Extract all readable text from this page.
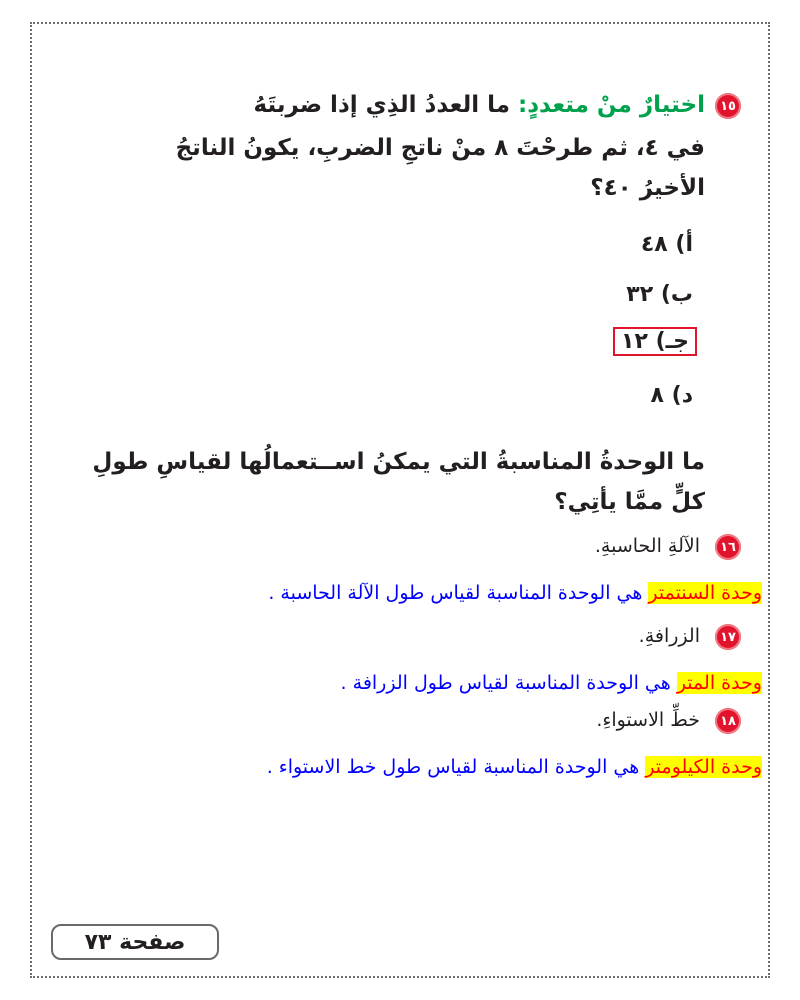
١٥
اختيارٌ منْ متعددٍ: ما العددُ الذِي إذا ضربتَهُ
في ٤، ثم طرحْتَ ٨ منْ ناتجِ الضربِ، يكونُ الناتجُ
الأخيرُ ٤٠؟
أ) ٤٨
ب) ٣٢
جـ) ١٢
د) ٨
ما الوحدةُ المناسبةُ التي يمكنُ اســتعمالُها لقياسِ طولِ
كلٍّ ممَّا يأتِي؟
١٦
الآلةِ الحاسبةِ.
وحدة السنتمتر هي الوحدة المناسبة لقياس طول الآلة الحاسبة .
١٧
الزرافةِ.
وحدة المتر هي الوحدة المناسبة لقياس طول الزرافة .
١٨
خطِّ الاستواءِ.
وحدة الكيلومتر هي الوحدة المناسبة لقياس طول خط الاستواء .
صفحة ٧٣
